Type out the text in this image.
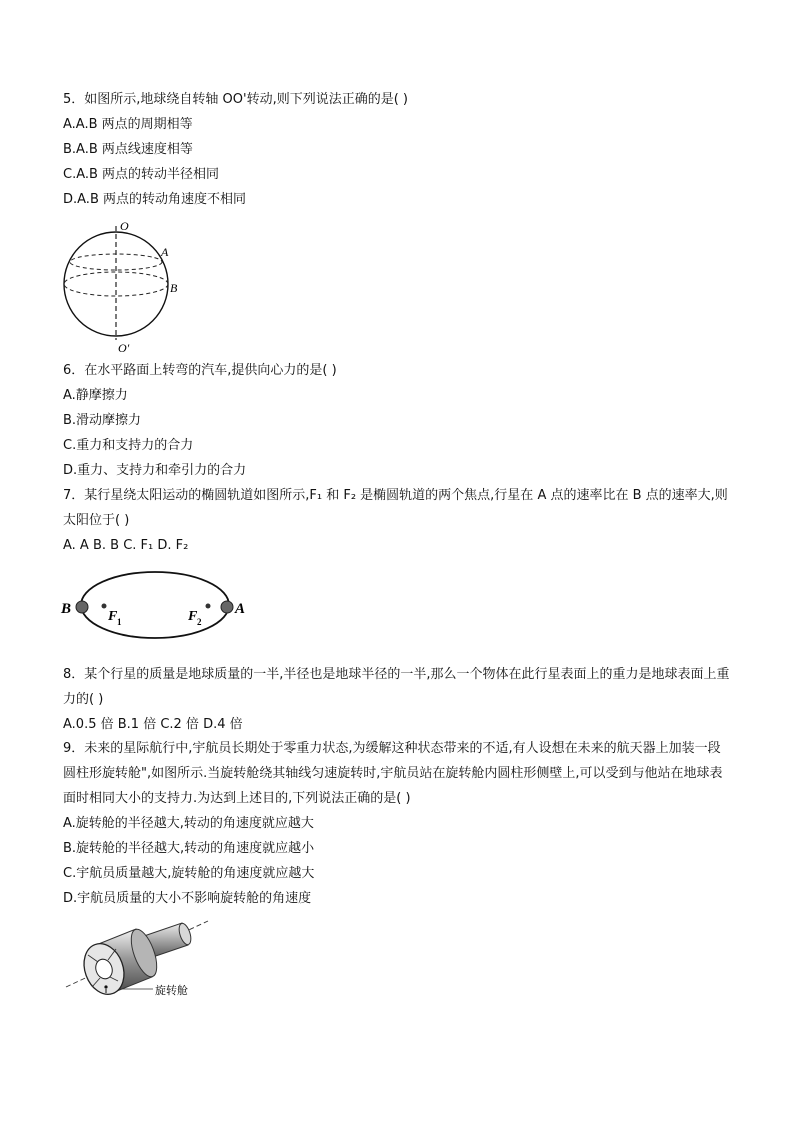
5．如图所示,地球绕自转轴 OO'转动,则下列说法正确的是( )
A.A.B 两点的周期相等
B.A.B 两点线速度相等
C.A.B 两点的转动半径相同
D.A.B 两点的转动角速度不相同
O
A
B
O′
6．在水平路面上转弯的汽车,提供向心力的是( )
A.静摩擦力
B.滑动摩擦力
C.重力和支持力的合力
D.重力、支持力和牵引力的合力
7．某行星绕太阳运动的椭圆轨道如图所示,F₁ 和 F₂ 是椭圆轨道的两个焦点,行星在 A 点的速率比在 B 点的速率大,则太阳位于( )
A. A B. B C. F₁ D. F₂
B	F 1	F 2
A
8．某个行星的质量是地球质量的一半,半径也是地球半径的一半,那么一个物体在此行星表面上的重力是地球表面上重力的( )
A.0.5 倍 B.1 倍 C.2 倍 D.4 倍
9．未来的星际航行中,宇航员长期处于零重力状态,为缓解这种状态带来的不适,有人设想在未来的航天器上加装一段圆柱形旋转舱",如图所示.当旋转舱绕其轴线匀速旋转时,宇航员站在旋转舱内圆柱形侧壁上,可以受到与他站在地球表面时相同大小的支持力.为达到上述目的,下列说法正确的是( )
A.旋转舱的半径越大,转动的角速度就应越大
B.旋转舱的半径越大,转动的角速度就应越小
C.宇航员质量越大,旋转舱的角速度就应越大
D.宇航员质量的大小不影响旋转舱的角速度
旋转舱
